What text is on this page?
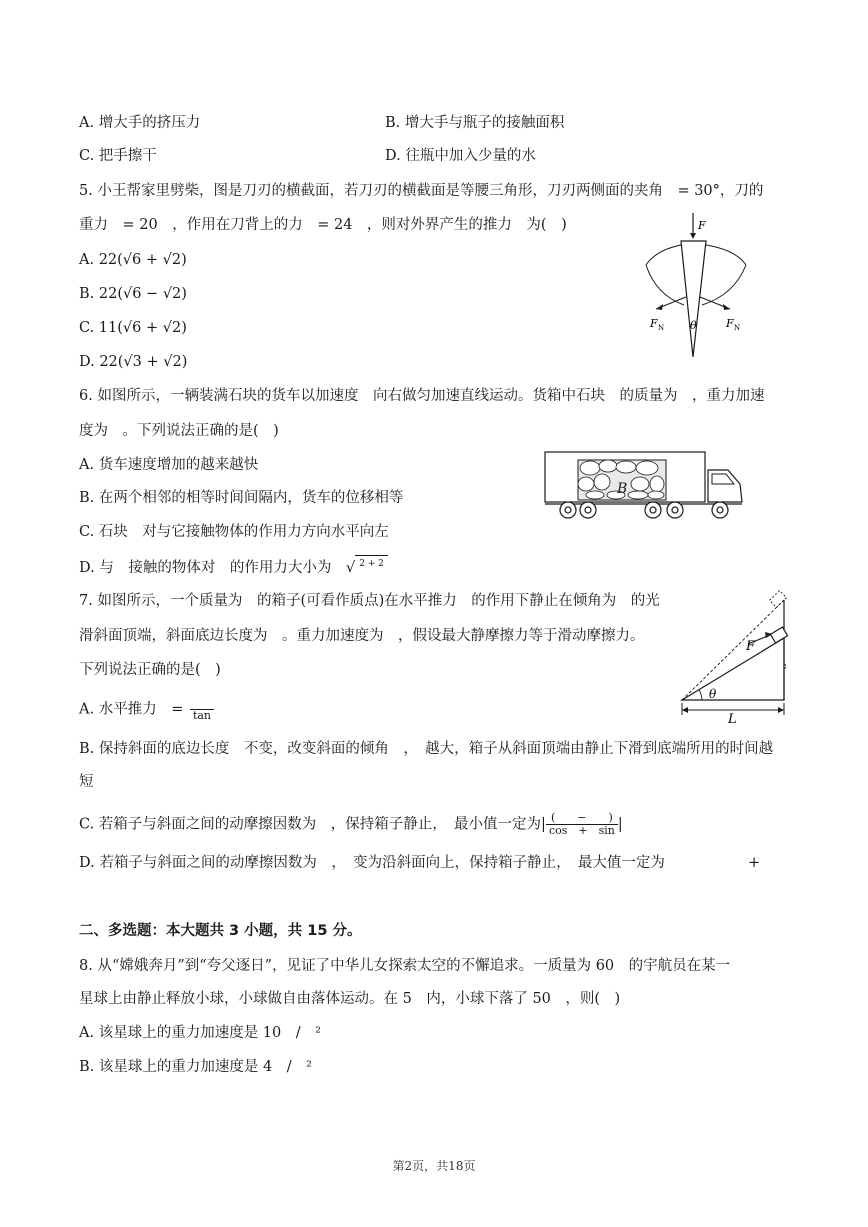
A. 增大手的挤压力	B. 增大手与瓶子的接触面积
C. 把手擦干	D. 往瓶中加入少量的水
5. 小王帮家里劈柴，图是刀刃的横截面，若刀刃的横截面是等腰三角形，刀刃两侧面的夹角　= 30°，刀的
重力　= 20　，作用在刀背上的力　= 24　，则对外界产生的推力　为(　)
A. 22(√6 + √2)
B. 22(√6 − √2)
C. 11(√6 + √2)
D. 22(√3 + √2)
F
F N	F N
θ
6. 如图所示，一辆装满石块的货车以加速度　向右做匀加速直线运动。货箱中石块　的质量为　，重力加速
度为　。下列说法正确的是(　)
A. 货车速度增加的越来越快
B. 在两个相邻的相等时间间隔内，货车的位移相等
C. 石块　对与它接触物体的作用力方向水平向左
D. 与　接触的物体对　的作用力大小为 √ 2 + 2
B
7. 如图所示，一个质量为　的箱子(可看作质点)在水平推力　的作用下静止在倾角为　的光
滑斜面顶端，斜面底边长度为　。重力加速度为　，假设最大静摩擦力等于滑动摩擦力。
下列说法正确的是(　)
A. 水平推力　= tan
B. 保持斜面的底边长度　不变，改变斜面的倾角　，　越大，箱子从斜面顶端由静止下滑到底端所用的时间越
短
C. 若箱子与斜面之间的动摩擦因数为　，保持箱子静止，　最小值一定为| $\frac{( - )}{\cos + \sin}$ |
D. 若箱子与斜面之间的动摩擦因数为　，　变为沿斜面向上，保持箱子静止，　最大值一定为	+
F
θ
L
二、多选题：本大题共 3 小题，共 15 分。
8. 从“嫦娥奔月”到“夸父逐日”，见证了中华儿女探索太空的不懈追求。一质量为 60　的宇航员在某一
星球上由静止释放小球，小球做自由落体运动。在 5　内，小球下落了 50　，则(　)
A. 该星球上的重力加速度是 10　/　²
B. 该星球上的重力加速度是 4　/　²
第2页，共18页
